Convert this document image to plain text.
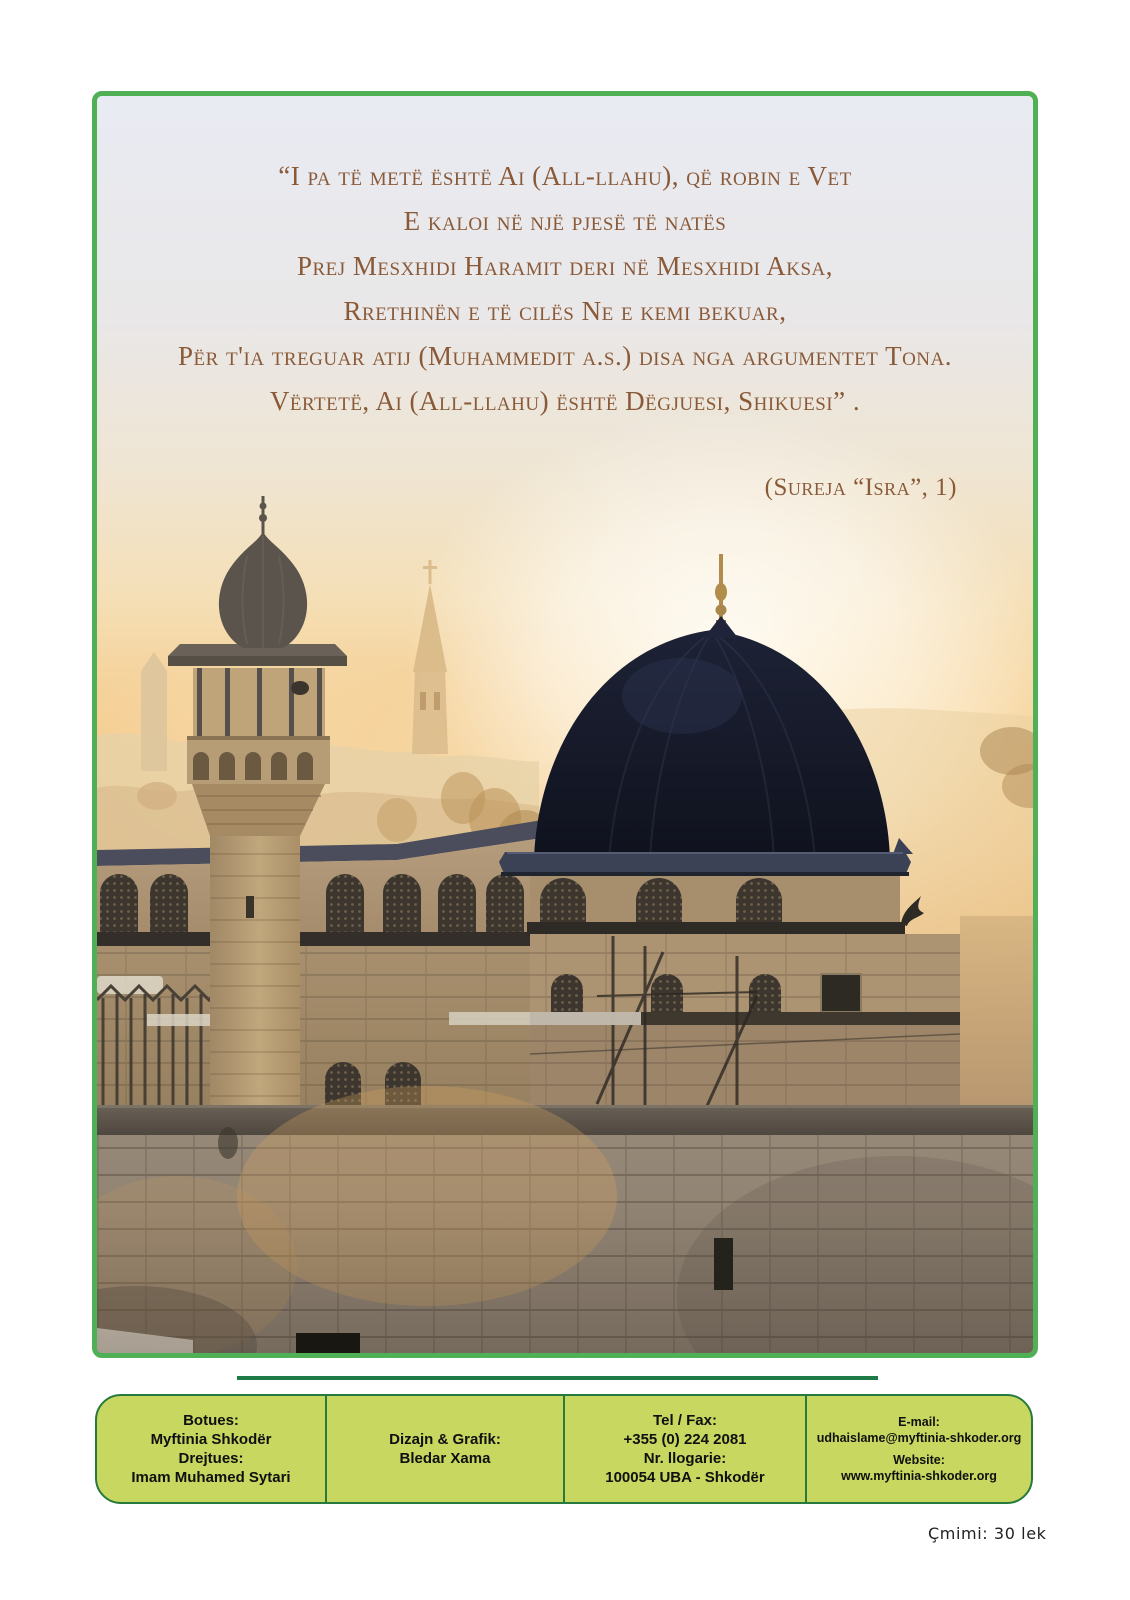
“I pa të metë është Ai (All-llahu), që robin e Vet
E kaloi në një pjesë të natës
Prej Mesxhidi Haramit deri në Mesxhidi Aksa,
Rrethinën e të cilës Ne e kemi bekuar,
Për t'ia treguar atij (Muhammedit a.s.) disa nga argumentet Tona.
Vërtetë, Ai (All-llahu) është Dëgjuesi, Shikuesi” .
(Sureja “Isra”, 1)
Botues:
Myftinia Shkodër
Drejtues:
Imam Muhamed Sytari
Dizajn & Grafik:
Bledar Xama
Tel / Fax:
+355 (0) 224 2081
Nr. llogarie:
100054 UBA - Shkodër
E-mail:
udhaislame@myftinia-shkoder.org
Website:
www.myftinia-shkoder.org
Çmimi: 30 lek
